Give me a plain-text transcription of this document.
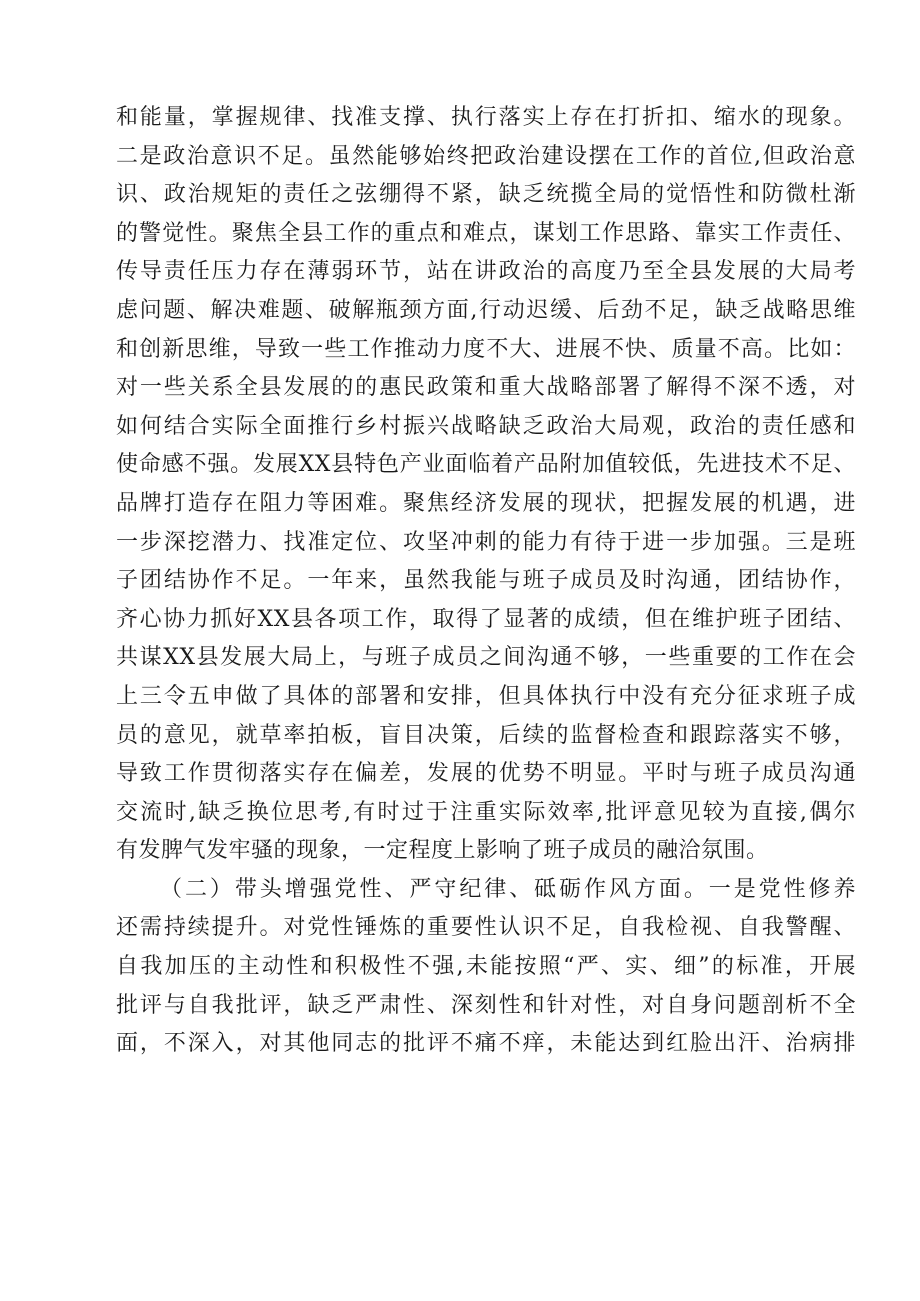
和能量，掌握规律、找准支撑、执行落实上存在打折扣、缩水的现象。
二是政治意识不足。虽然能够始终把政治建设摆在工作的首位,但政治意
识、政治规矩的责任之弦绷得不紧，缺乏统揽全局的觉悟性和防微杜渐
的警觉性。聚焦全县工作的重点和难点，谋划工作思路、靠实工作责任、
传导责任压力存在薄弱环节，站在讲政治的高度乃至全县发展的大局考
虑问题、解决难题、破解瓶颈方面,行动迟缓、后劲不足，缺乏战略思维
和创新思维，导致一些工作推动力度不大、进展不快、质量不高。比如：
对一些关系全县发展的的惠民政策和重大战略部署了解得不深不透，对
如何结合实际全面推行乡村振兴战略缺乏政治大局观，政治的责任感和
使命感不强。发展XX县特色产业面临着产品附加值较低，先进技术不足、
品牌打造存在阻力等困难。聚焦经济发展的现状，把握发展的机遇，进
一步深挖潜力、找准定位、攻坚冲刺的能力有待于进一步加强。三是班
子团结协作不足。一年来，虽然我能与班子成员及时沟通，团结协作，
齐心协力抓好XX县各项工作，取得了显著的成绩，但在维护班子团结、
共谋XX县发展大局上，与班子成员之间沟通不够，一些重要的工作在会
上三令五申做了具体的部署和安排，但具体执行中没有充分征求班子成
员的意见，就草率拍板，盲目决策，后续的监督检查和跟踪落实不够，
导致工作贯彻落实存在偏差，发展的优势不明显。平时与班子成员沟通
交流时,缺乏换位思考,有时过于注重实际效率,批评意见较为直接,偶尔
有发脾气发牢骚的现象，一定程度上影响了班子成员的融洽氛围。
（二）带头增强党性、严守纪律、砥砺作风方面。一是党性修养
还需持续提升。对党性锤炼的重要性认识不足，自我检视、自我警醒、
自我加压的主动性和积极性不强,未能按照“严、实、细”的标准，开展
批评与自我批评，缺乏严肃性、深刻性和针对性，对自身问题剖析不全
面，不深入，对其他同志的批评不痛不痒，未能达到红脸出汗、治病排
